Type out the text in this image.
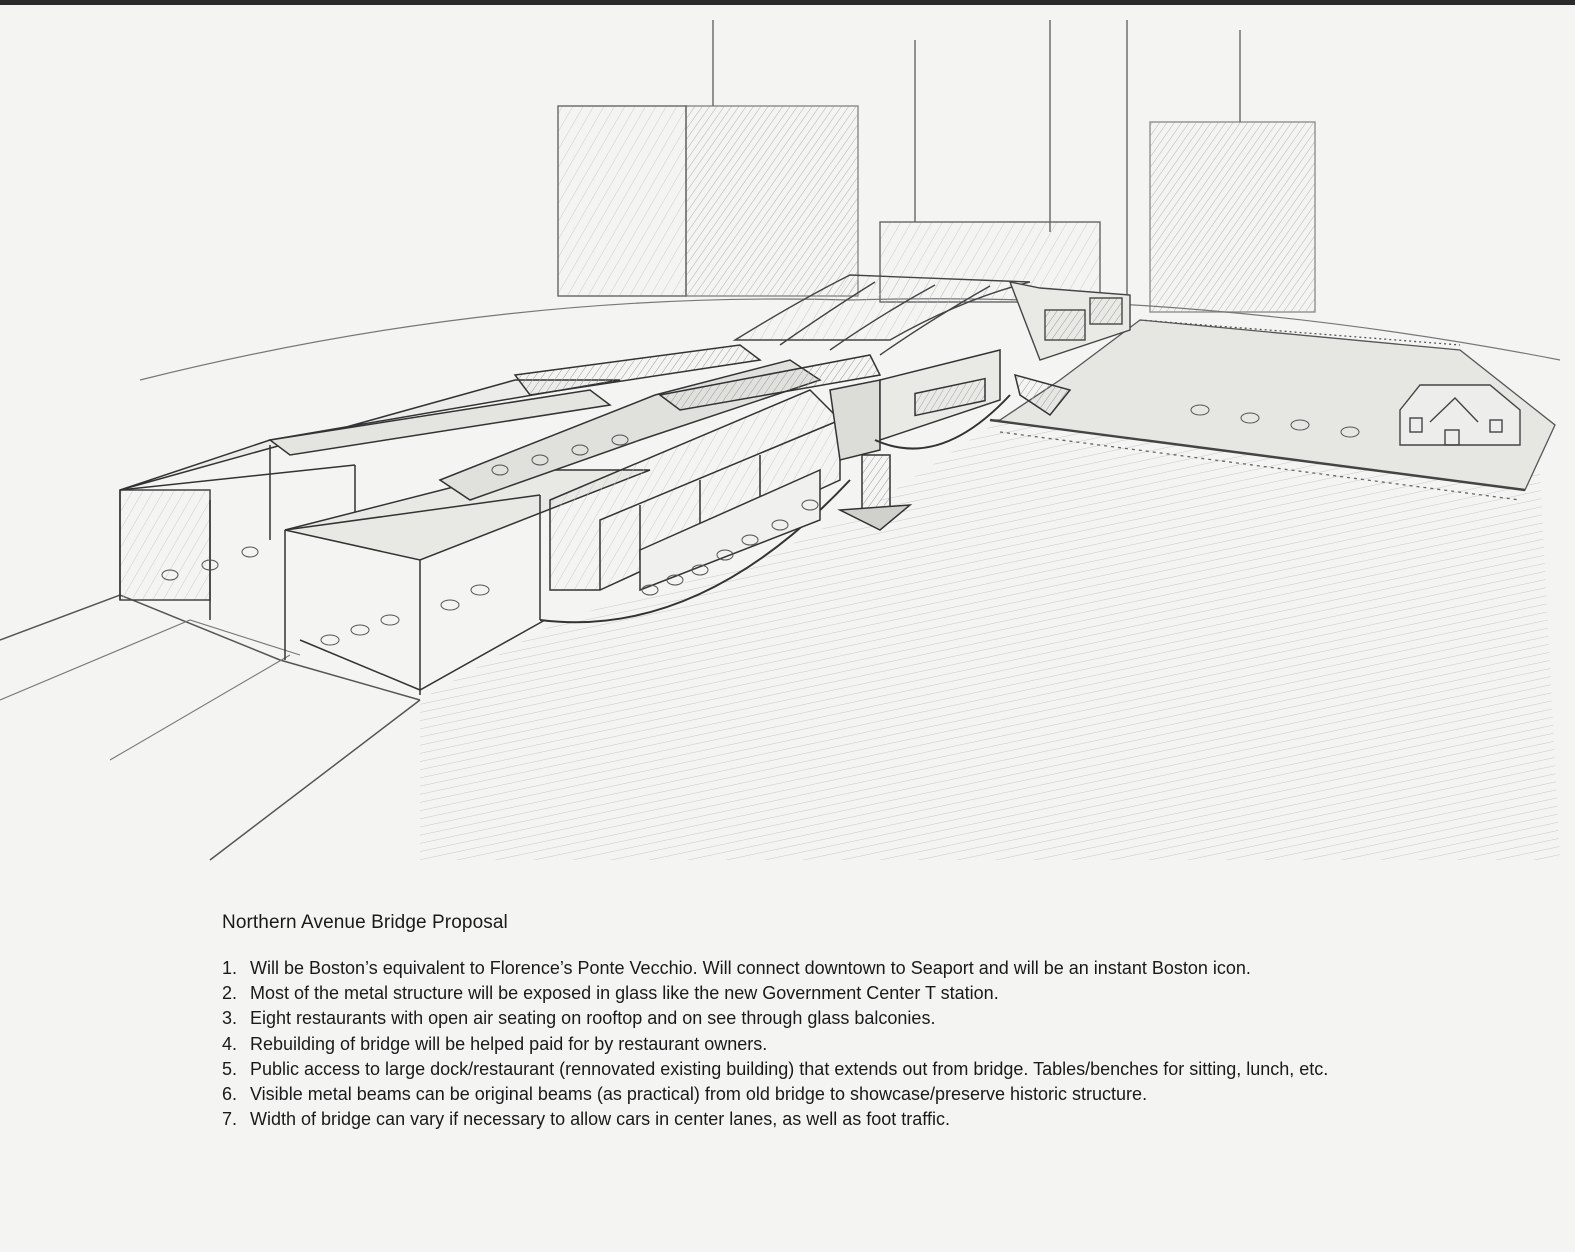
Northern Avenue Bridge Proposal
1. Will be Boston’s equivalent to Florence’s Ponte Vecchio. Will connect downtown to Seaport and will be an instant Boston icon.
2. Most of the metal structure will be exposed in glass like the new Government Center T station.
3. Eight restaurants with open air seating on rooftop and on see through glass balconies.
4. Rebuilding of bridge will be helped paid for by restaurant owners.
5. Public access to large dock/restaurant (rennovated existing building) that extends out from bridge. Tables/benches for sitting, lunch, etc.
6. Visible metal beams can be original beams (as practical) from old bridge to showcase/preserve historic structure.
7. Width of bridge can vary if necessary to allow cars in center lanes, as well as foot traffic.
